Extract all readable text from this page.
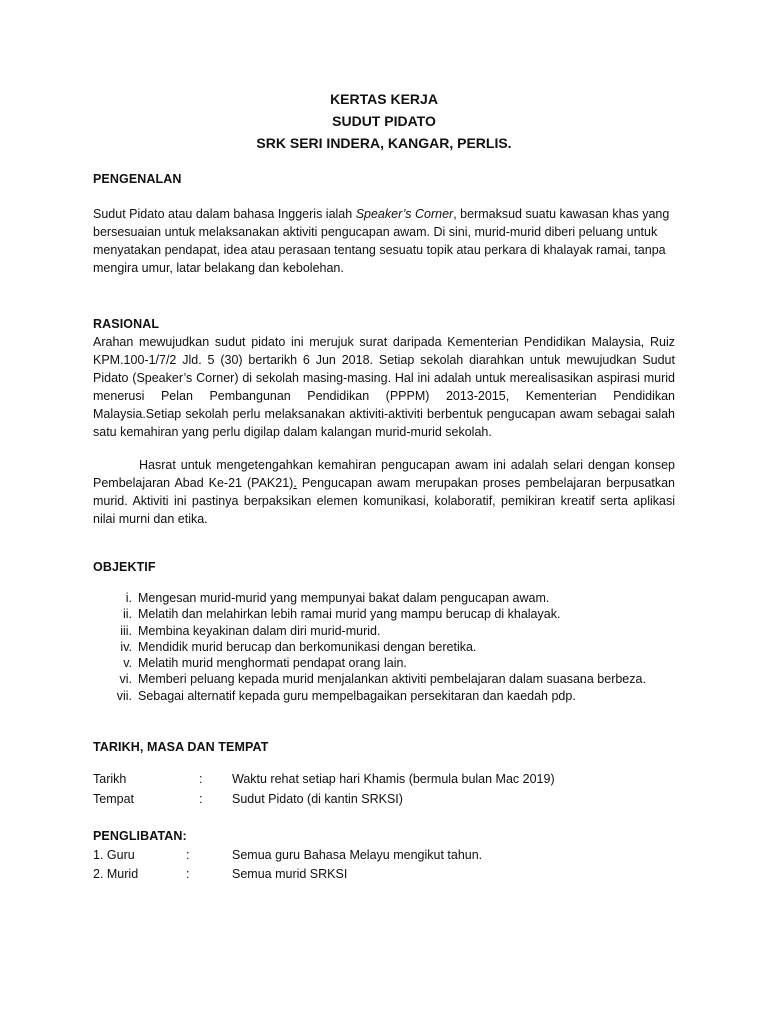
KERTAS KERJA
SUDUT PIDATO
SRK SERI INDERA, KANGAR, PERLIS.
PENGENALAN
Sudut Pidato atau dalam bahasa Inggeris ialah Speaker’s Corner, bermaksud suatu kawasan khas yang bersesuaian untuk melaksanakan aktiviti pengucapan awam. Di sini, murid-murid diberi peluang untuk menyatakan pendapat, idea atau perasaan tentang sesuatu topik atau perkara di khalayak ramai, tanpa mengira umur, latar belakang dan kebolehan.
RASIONAL
Arahan mewujudkan sudut pidato ini merujuk surat daripada Kementerian Pendidikan Malaysia, Ruiz KPM.100-1/7/2 Jld. 5 (30) bertarikh 6 Jun 2018. Setiap sekolah diarahkan untuk mewujudkan Sudut Pidato (Speaker’s Corner) di sekolah masing-masing. Hal ini adalah untuk merealisasikan aspirasi murid menerusi Pelan Pembangunan Pendidikan (PPPM) 2013-2015, Kementerian Pendidikan Malaysia.Setiap sekolah perlu melaksanakan aktiviti-aktiviti berbentuk pengucapan awam sebagai salah satu kemahiran yang perlu digilap dalam kalangan murid-murid sekolah.
Hasrat untuk mengetengahkan kemahiran pengucapan awam ini adalah selari dengan konsep Pembelajaran Abad Ke-21 (PAK21). Pengucapan awam merupakan proses pembelajaran berpusatkan murid. Aktiviti ini pastinya berpaksikan elemen komunikasi, kolaboratif, pemikiran kreatif serta aplikasi nilai murni dan etika.
OBJEKTIF
i. Mengesan murid-murid yang mempunyai bakat dalam pengucapan awam.
ii. Melatih dan melahirkan lebih ramai murid yang mampu berucap di khalayak.
iii. Membina keyakinan dalam diri murid-murid.
iv. Mendidik murid berucap dan berkomunikasi dengan beretika.
v. Melatih murid menghormati pendapat orang lain.
vi. Memberi peluang kepada murid menjalankan aktiviti pembelajaran dalam suasana berbeza.
vii. Sebagai alternatif kepada guru mempelbagaikan persekitaran dan kaedah pdp.
TARIKH, MASA DAN TEMPAT
Tarikh	:	Waktu rehat setiap hari Khamis (bermula bulan Mac 2019)
Tempat	:	Sudut Pidato (di kantin SRKSI)
PENGLIBATAN:
1. Guru	:	Semua guru Bahasa Melayu mengikut tahun.
2. Murid	:	Semua murid SRKSI
